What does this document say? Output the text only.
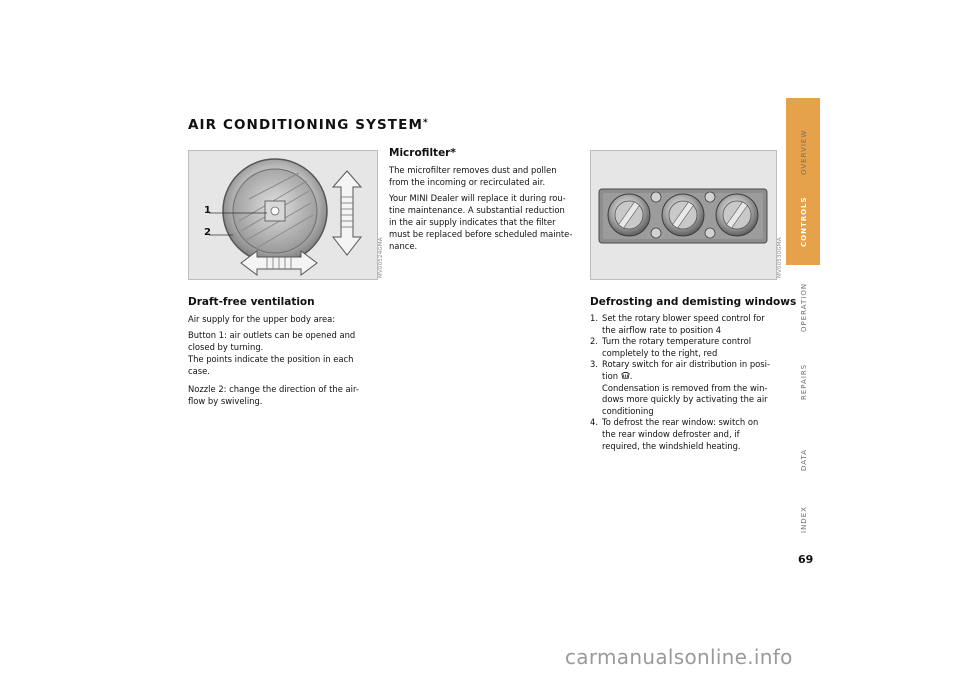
AIR CONDITIONING SYSTEM*
1
2
MV00524GMA
Draft-free ventilation
Air supply for the upper body area:
Button 1: air outlets can be opened and
closed by turning.
The points indicate the position in each
case.
Nozzle 2: change the direction of the air-
flow by swiveling.
Microfilter*
The microfilter removes dust and pollen
from the incoming or recirculated air.
Your MINI Dealer will replace it during rou-
tine maintenance. A substantial reduction
in the air supply indicates that the filter
must be replaced before scheduled mainte-
nance.	MV00530GMA
Defrosting and demisting windows
1. Set the rotary blower speed control for
the airflow rate to position 4
2. Turn the rotary temperature control
completely to the right, red
3. Rotary switch for air distribution in posi-
tion .
Condensation is removed from the win-
dows more quickly by activating the air
conditioning
4. To defrost the rear window: switch on
the rear window defroster and, if
required, the windshield heating.
OVERVIEW
CONTROLS
OPERATION
REPAIRS
DATA
INDEX
69
carmanualsonline.info
